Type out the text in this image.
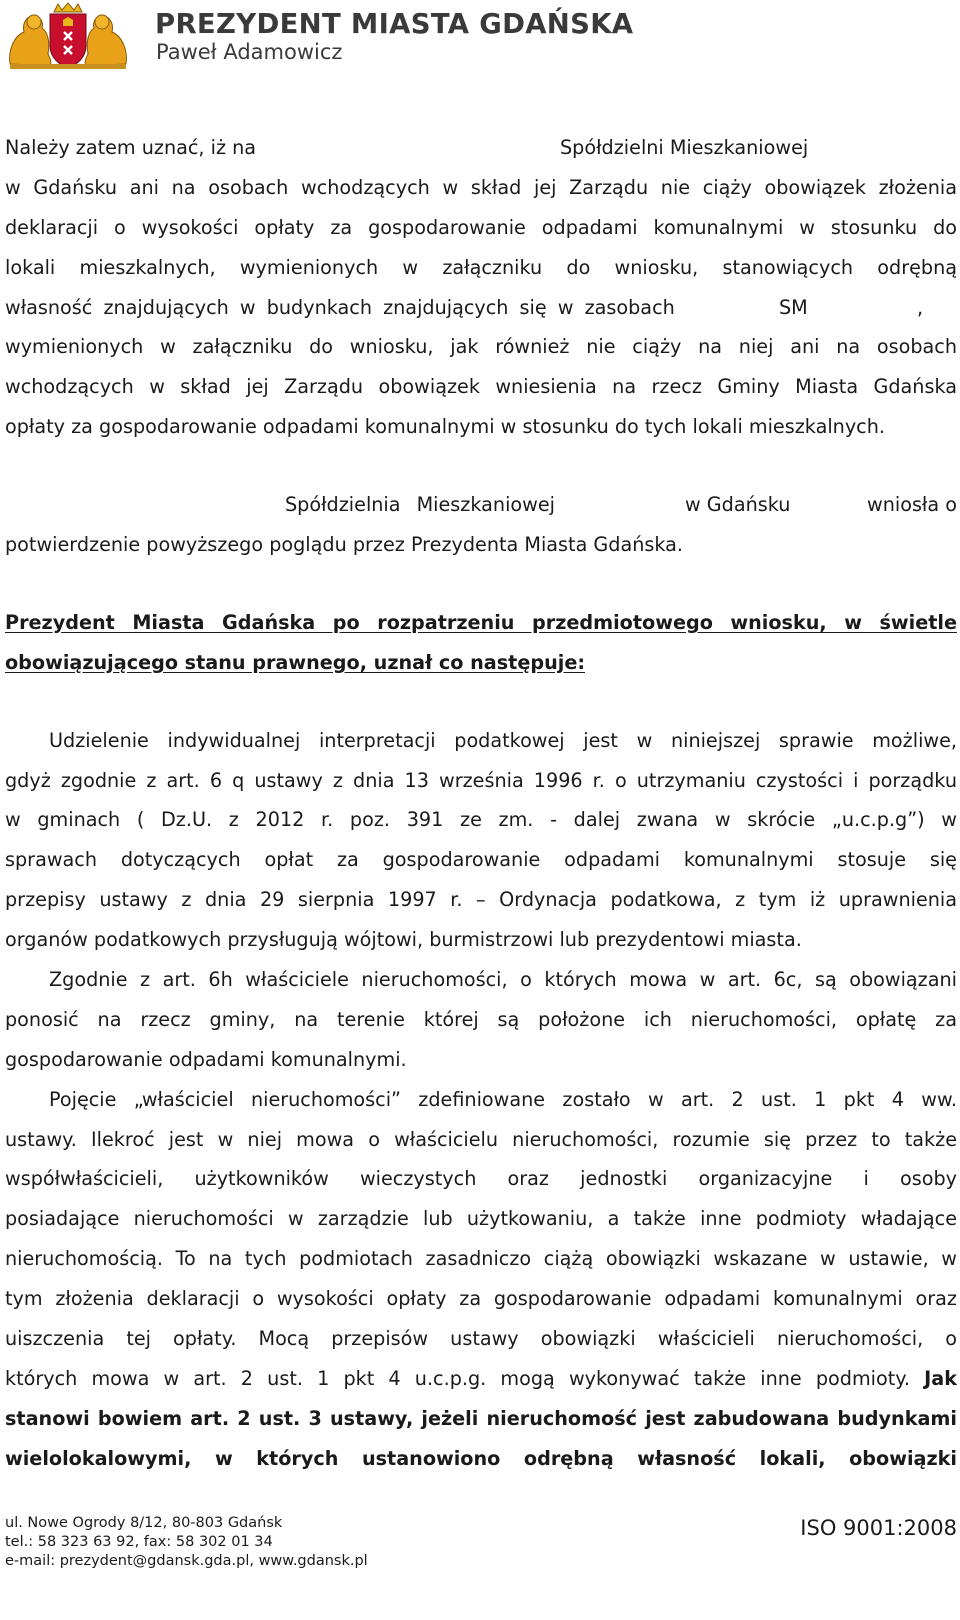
PREZYDENT MIASTA GDAŃSKA
Paweł Adamowicz
Należy zatem uznać, iż na	Spółdzielni Mieszkaniowej
w Gdańsku ani na osobach wchodzących w skład jej Zarządu nie ciąży obowiązek złożenia
deklaracji o wysokości opłaty za gospodarowanie odpadami komunalnymi w stosunku do
lokali mieszkalnych, wymienionych w załączniku do wniosku, stanowiących odrębną
własność znajdujących w budynkach znajdujących się w zasobach	SM	,
wymienionych w załączniku do wniosku, jak również nie ciąży na niej ani na osobach
wchodzących w skład jej Zarządu obowiązek wniesienia na rzecz Gminy Miasta Gdańska
opłaty za gospodarowanie odpadami komunalnymi w stosunku do tych lokali mieszkalnych.
Spółdzielnia Mieszkaniowej	w Gdańsku	wniosła o
potwierdzenie powyższego poglądu przez Prezydenta Miasta Gdańska.
Prezydent Miasta Gdańska po rozpatrzeniu przedmiotowego wniosku, w świetle
obowiązującego stanu prawnego, uznał co następuje:
Udzielenie indywidualnej interpretacji podatkowej jest w niniejszej sprawie możliwe,
gdyż zgodnie z art. 6 q ustawy z dnia 13 września 1996 r. o utrzymaniu czystości i porządku
w gminach ( Dz.U. z 2012 r. poz. 391 ze zm. - dalej zwana w skrócie „u.c.p.g”) w
sprawach dotyczących opłat za gospodarowanie odpadami komunalnymi stosuje się
przepisy ustawy z dnia 29 sierpnia 1997 r. – Ordynacja podatkowa, z tym iż uprawnienia
organów podatkowych przysługują wójtowi, burmistrzowi lub prezydentowi miasta.
Zgodnie z art. 6h właściciele nieruchomości, o których mowa w art. 6c, są obowiązani
ponosić na rzecz gminy, na terenie której są położone ich nieruchomości, opłatę za
gospodarowanie odpadami komunalnymi.
Pojęcie „właściciel nieruchomości” zdefiniowane zostało w art. 2 ust. 1 pkt 4 ww.
ustawy. Ilekroć jest w niej mowa o właścicielu nieruchomości, rozumie się przez to także
współwłaścicieli, użytkowników wieczystych oraz jednostki organizacyjne i osoby
posiadające nieruchomości w zarządzie lub użytkowaniu, a także inne podmioty władające
nieruchomością. To na tych podmiotach zasadniczo ciążą obowiązki wskazane w ustawie, w
tym złożenia deklaracji o wysokości opłaty za gospodarowanie odpadami komunalnymi oraz
uiszczenia tej opłaty. Mocą przepisów ustawy obowiązki właścicieli nieruchomości, o
których mowa w art. 2 ust. 1 pkt 4 u.c.p.g. mogą wykonywać także inne podmioty. Jak
stanowi bowiem art. 2 ust. 3 ustawy, jeżeli nieruchomość jest zabudowana budynkami
wielolokalowymi, w których ustanowiono odrębną własność lokali, obowiązki
ul. Nowe Ogrody 8/12, 80-803 Gdańsk
tel.: 58 323 63 92, fax: 58 302 01 34
e-mail: prezydent@gdansk.gda.pl, www.gdansk.pl
ISO 9001:2008
